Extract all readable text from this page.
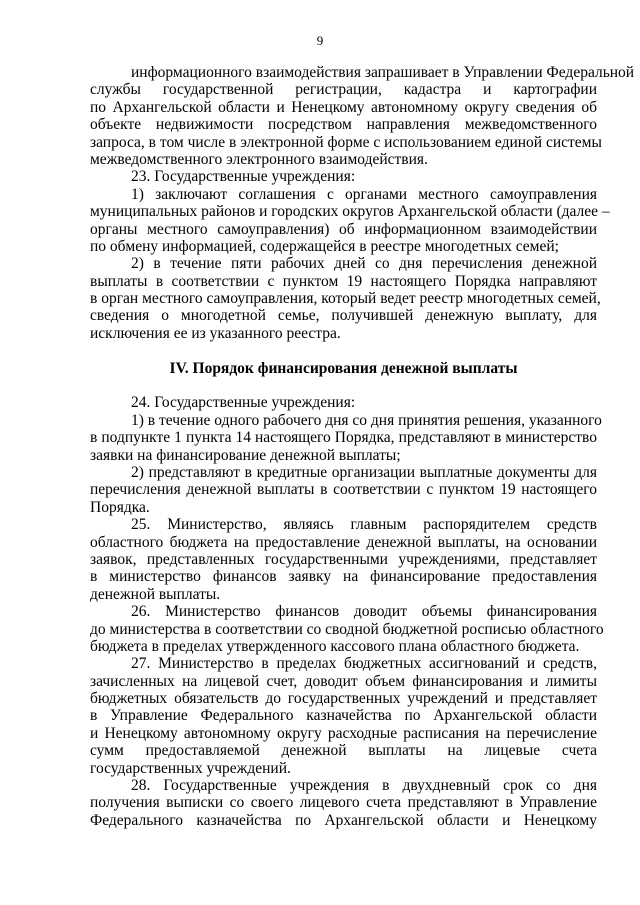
9
информационного взаимодействия запрашивает в Управлении Федеральной
службы государственной регистрации, кадастра и картографии
по Архангельской области и Ненецкому автономному округу сведения об
объекте недвижимости посредством направления межведомственного
запроса, в том числе в электронной форме с использованием единой системы
межведомственного электронного взаимодействия.
23. Государственные учреждения:
1) заключают соглашения с органами местного самоуправления
муниципальных районов и городских округов Архангельской области (далее –
органы местного самоуправления) об информационном взаимодействии
по обмену информацией, содержащейся в реестре многодетных семей;
2) в течение пяти рабочих дней со дня перечисления денежной
выплаты в соответствии с пунктом 19 настоящего Порядка направляют
в орган местного самоуправления, который ведет реестр многодетных семей,
сведения о многодетной семье, получившей денежную выплату, для
исключения ее из указанного реестра.
IV. Порядок финансирования денежной выплаты
24. Государственные учреждения:
1) в течение одного рабочего дня со дня принятия решения, указанного
в подпункте 1 пункта 14 настоящего Порядка, представляют в министерство
заявки на финансирование денежной выплаты;
2) представляют в кредитные организации выплатные документы для
перечисления денежной выплаты в соответствии с пунктом 19 настоящего
Порядка.
25. Министерство, являясь главным распорядителем средств
областного бюджета на предоставление денежной выплаты, на основании
заявок, представленных государственными учреждениями, представляет
в министерство финансов заявку на финансирование предоставления
денежной выплаты.
26. Министерство финансов доводит объемы финансирования
до министерства в соответствии со сводной бюджетной росписью областного
бюджета в пределах утвержденного кассового плана областного бюджета.
27. Министерство в пределах бюджетных ассигнований и средств,
зачисленных на лицевой счет, доводит объем финансирования и лимиты
бюджетных обязательств до государственных учреждений и представляет
в Управление Федерального казначейства по Архангельской области
и Ненецкому автономному округу расходные расписания на перечисление
сумм предоставляемой денежной выплаты на лицевые счета
государственных учреждений.
28. Государственные учреждения в двухдневный срок со дня
получения выписки со своего лицевого счета представляют в Управление
Федерального казначейства по Архангельской области и Ненецкому
